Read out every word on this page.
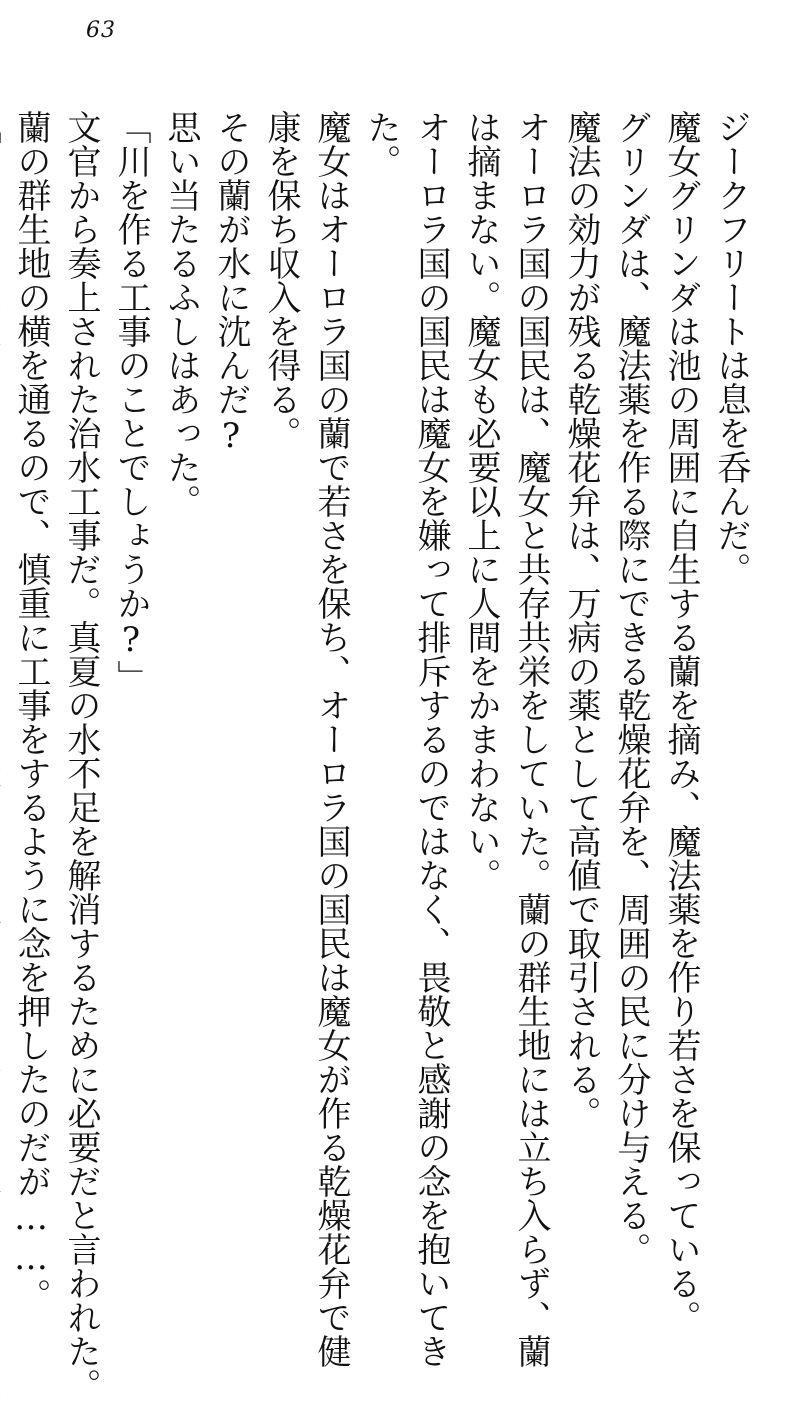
63
ジークフリートは息を呑んだ。
魔女グリンダは池の周囲に自生する蘭を摘み、魔法薬を作り若さを保っている。
グリンダは、魔法薬を作る際にできる乾燥花弁を、周囲の民に分け与える。
魔法の効力が残る乾燥花弁は、万病の薬として高値で取引される。
オーロラ国の国民は、魔女と共存共栄をしていた。蘭の群生地には立ち入らず、蘭
は摘まない。魔女も必要以上に人間をかまわない。
オーロラ国の国民は魔女を嫌って排斥するのではなく、畏敬と感謝の念を抱いてき
た。
魔女はオーロラ国の蘭で若さを保ち、オーロラ国の国民は魔女が作る乾燥花弁で健
康を保ち収入を得る。
その蘭が水に沈んだ?
思い当たるふしはあった。
「川を作る工事のことでしょうか?」
文官から奏上された治水工事だ。真夏の水不足を解消するために必要だと言われた。
蘭の群生地の横を通るので、慎重に工事をするように念を押したのだが……。
